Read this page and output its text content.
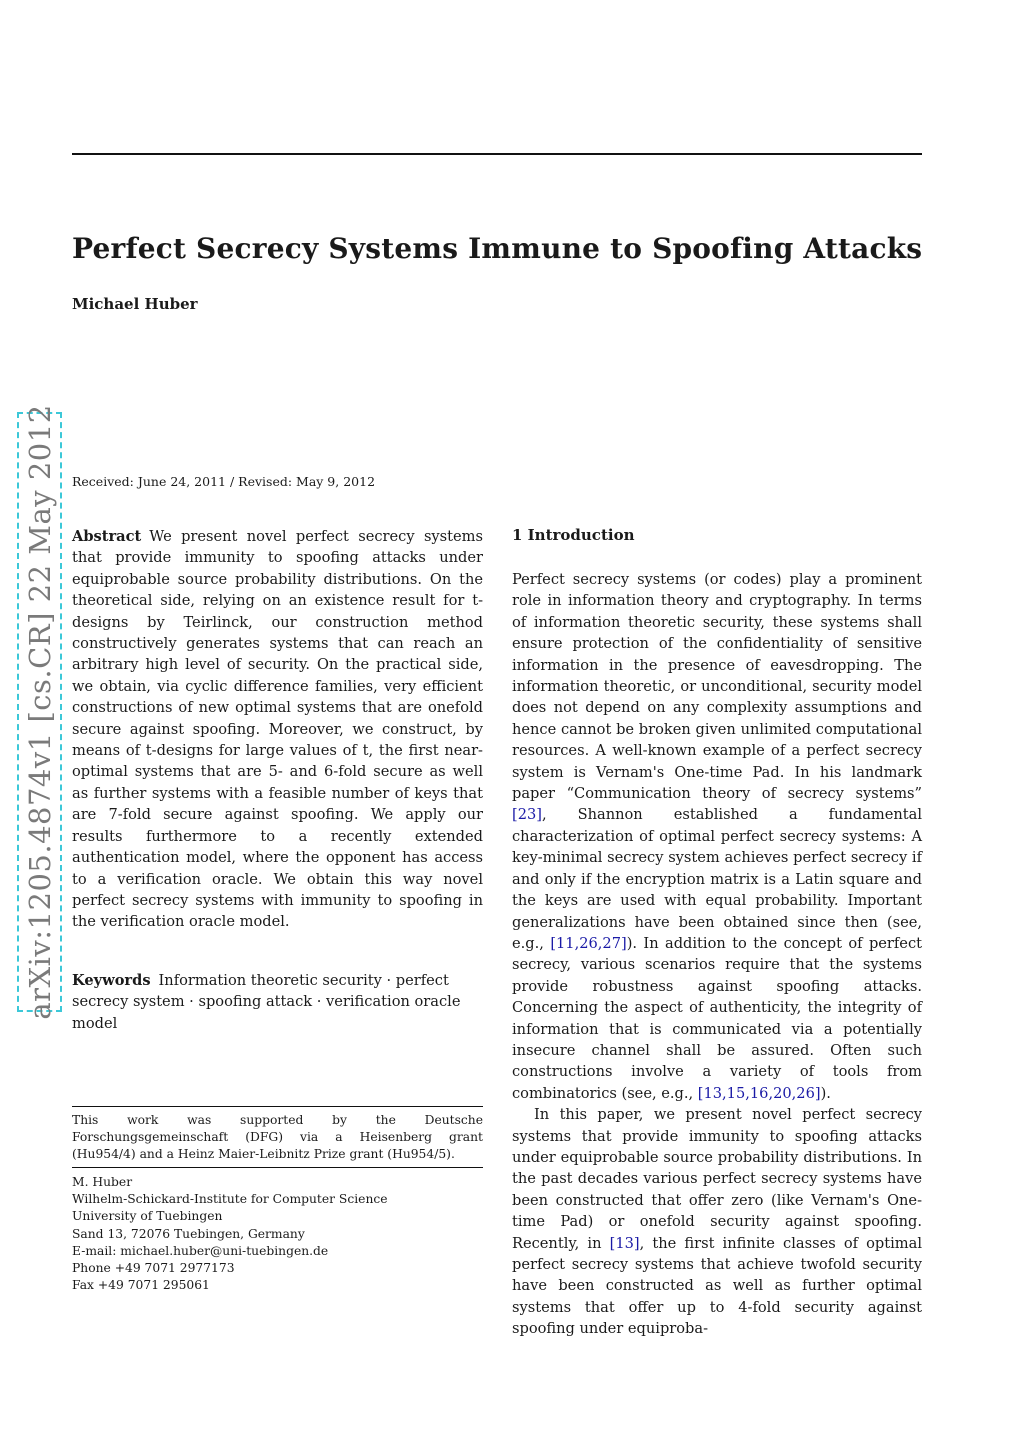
Perfect Secrecy Systems Immune to Spoofing Attacks
Michael Huber
arXiv:1205.4874v1 [cs.CR] 22 May 2012 Received: June 24, 2011 / Revised: May 9, 2012
Abstract We present novel perfect secrecy systems that provide immunity to spoofing attacks under equiprobable source probability distributions. On the theoretical side, relying on an existence result for t-designs by Teirlinck, our construction method constructively generates systems that can reach an arbitrary high level of security. On the practical side, we obtain, via cyclic difference families, very efficient constructions of new optimal systems that are onefold secure against spoofing. Moreover, we construct, by means of t-designs for large values of t, the first near-optimal systems that are 5- and 6-fold secure as well as further systems with a feasible number of keys that are 7-fold secure against spoofing. We apply our results furthermore to a recently extended authentication model, where the opponent has access to a verification oracle. We obtain this way novel perfect secrecy systems with immunity to spoofing in the verification oracle model.
Keywords Information theoretic security · perfect secrecy system · spoofing attack · verification oracle model
This work was supported by the Deutsche Forschungsgemeinschaft (DFG) via a Heisenberg grant (Hu954/4) and a Heinz Maier-Leibnitz Prize grant (Hu954/5).
M. Huber
Wilhelm-Schickard-Institute for Computer Science
University of Tuebingen
Sand 13, 72076 Tuebingen, Germany
E-mail: michael.huber@uni-tuebingen.de
Phone +49 7071 2977173
Fax +49 7071 295061
1 Introduction

Perfect secrecy systems (or codes) play a prominent role in information theory and cryptography. In terms of information theoretic security, these systems shall ensure protection of the confidentiality of sensitive information in the presence of eavesdropping. The information theoretic, or unconditional, security model does not depend on any complexity assumptions and hence cannot be broken given unlimited computational resources. A well-known example of a perfect secrecy system is Vernam's One-time Pad. In his landmark paper “Communication theory of secrecy systems” [23], Shannon established a fundamental characterization of optimal perfect secrecy systems: A key-minimal secrecy system achieves perfect secrecy if and only if the encryption matrix is a Latin square and the keys are used with equal probability. Important generalizations have been obtained since then (see, e.g., [11,26,27]). In addition to the concept of perfect secrecy, various scenarios require that the systems provide robustness against spoofing attacks. Concerning the aspect of authenticity, the integrity of information that is communicated via a potentially insecure channel shall be assured. Often such constructions involve a variety of tools from combinatorics (see, e.g., [13,15,16,20,26]).

In this paper, we present novel perfect secrecy systems that provide immunity to spoofing attacks under equiprobable source probability distributions. In the past decades various perfect secrecy systems have been constructed that offer zero (like Vernam's One-time Pad) or onefold security against spoofing. Recently, in [13], the first infinite classes of optimal perfect secrecy systems that achieve twofold security have been constructed as well as further optimal systems that offer up to 4-fold security against spoofing under equiproba-
